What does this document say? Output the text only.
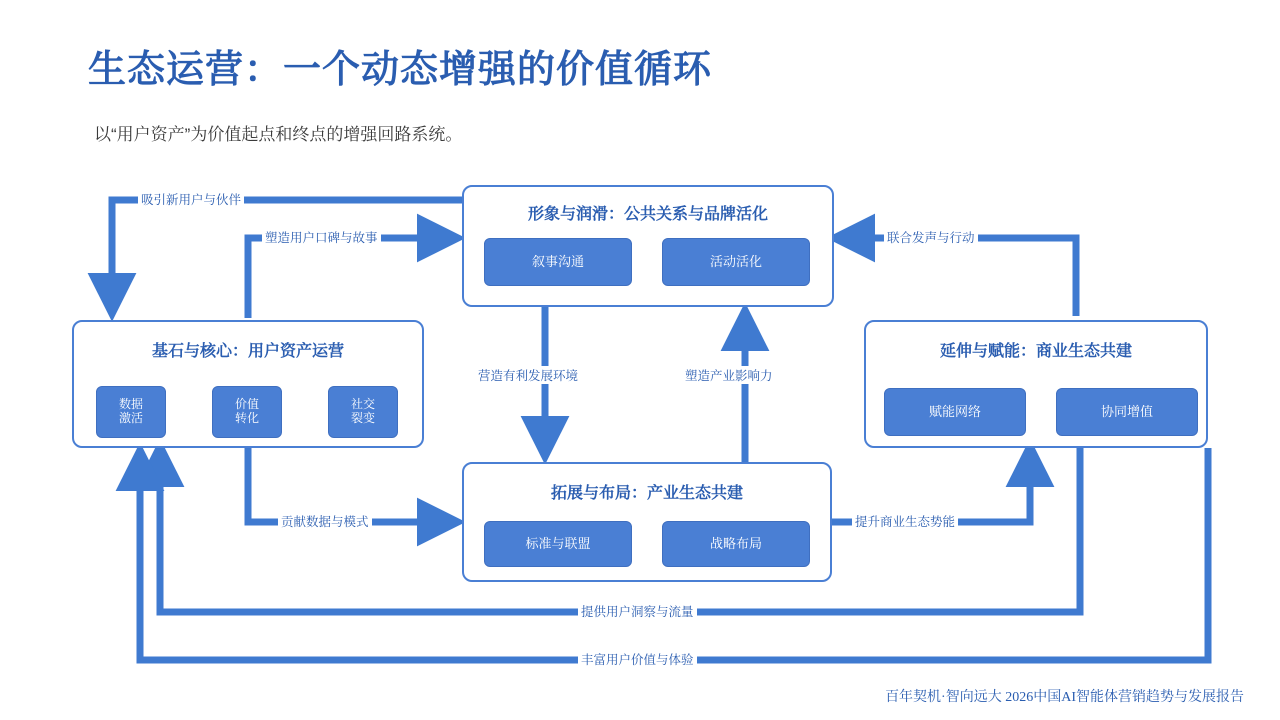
生态运营：一个动态增强的价值循环
以“用户资产”为价值起点和终点的增强回路系统。
形象与润滑：公共关系与品牌活化
叙事沟通	活动活化
基石与核心：用户资产运营
数据
激活
价值
转化
社交
裂变
拓展与布局：产业生态共建
标准与联盟	战略布局
延伸与赋能：商业生态共建
赋能网络	协同增值
吸引新用户与伙伴
塑造用户口碑与故事	联合发声与行动
营造有利发展环境	塑造产业影响力
贡献数据与模式	提升商业生态势能
提供用户洞察与流量
丰富用户价值与体验
百年契机·智向远大 2026中国AI智能体营销趋势与发展报告
